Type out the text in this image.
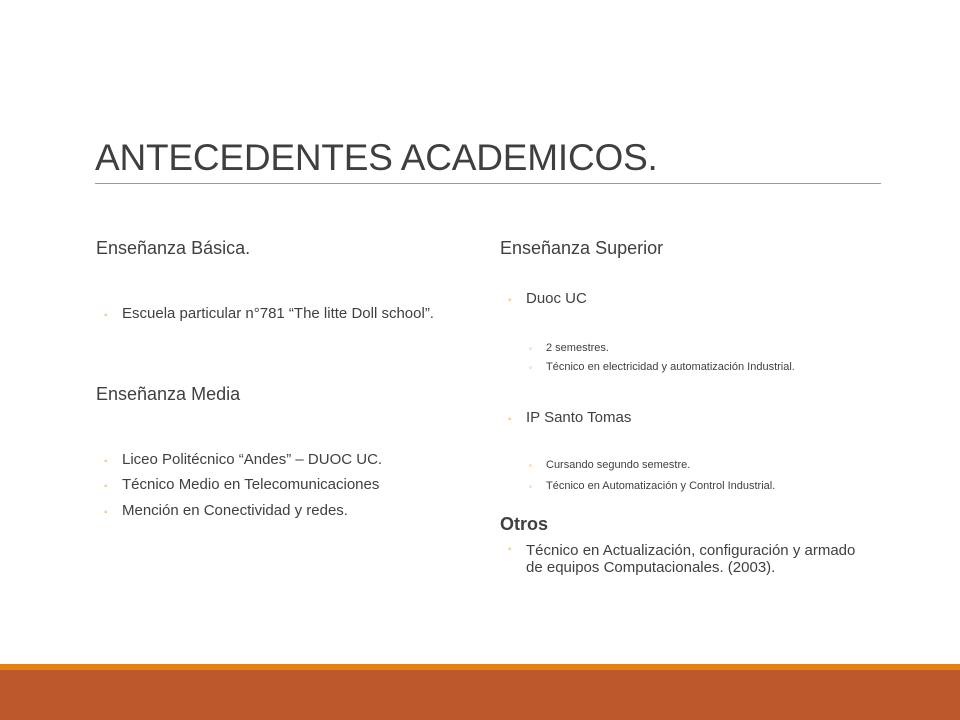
ANTECEDENTES ACADEMICOS.
Enseñanza Básica.
◦ Escuela particular n°781 “The litte Doll school”.
Enseñanza Media
◦ Liceo Politécnico “Andes” – DUOC UC.
◦ Técnico Medio en Telecomunicaciones
◦ Mención en Conectividad y redes.
Enseñanza Superior
◦ Duoc UC
◦	2 semestres.
◦	Técnico en electricidad y automatización Industrial.
◦ IP Santo Tomas
◦	Cursando segundo semestre.
◦	Técnico en Automatización y Control Industrial.
Otros
◦ Técnico en Actualización, configuración y armado de equipos Computacionales. (2003).
